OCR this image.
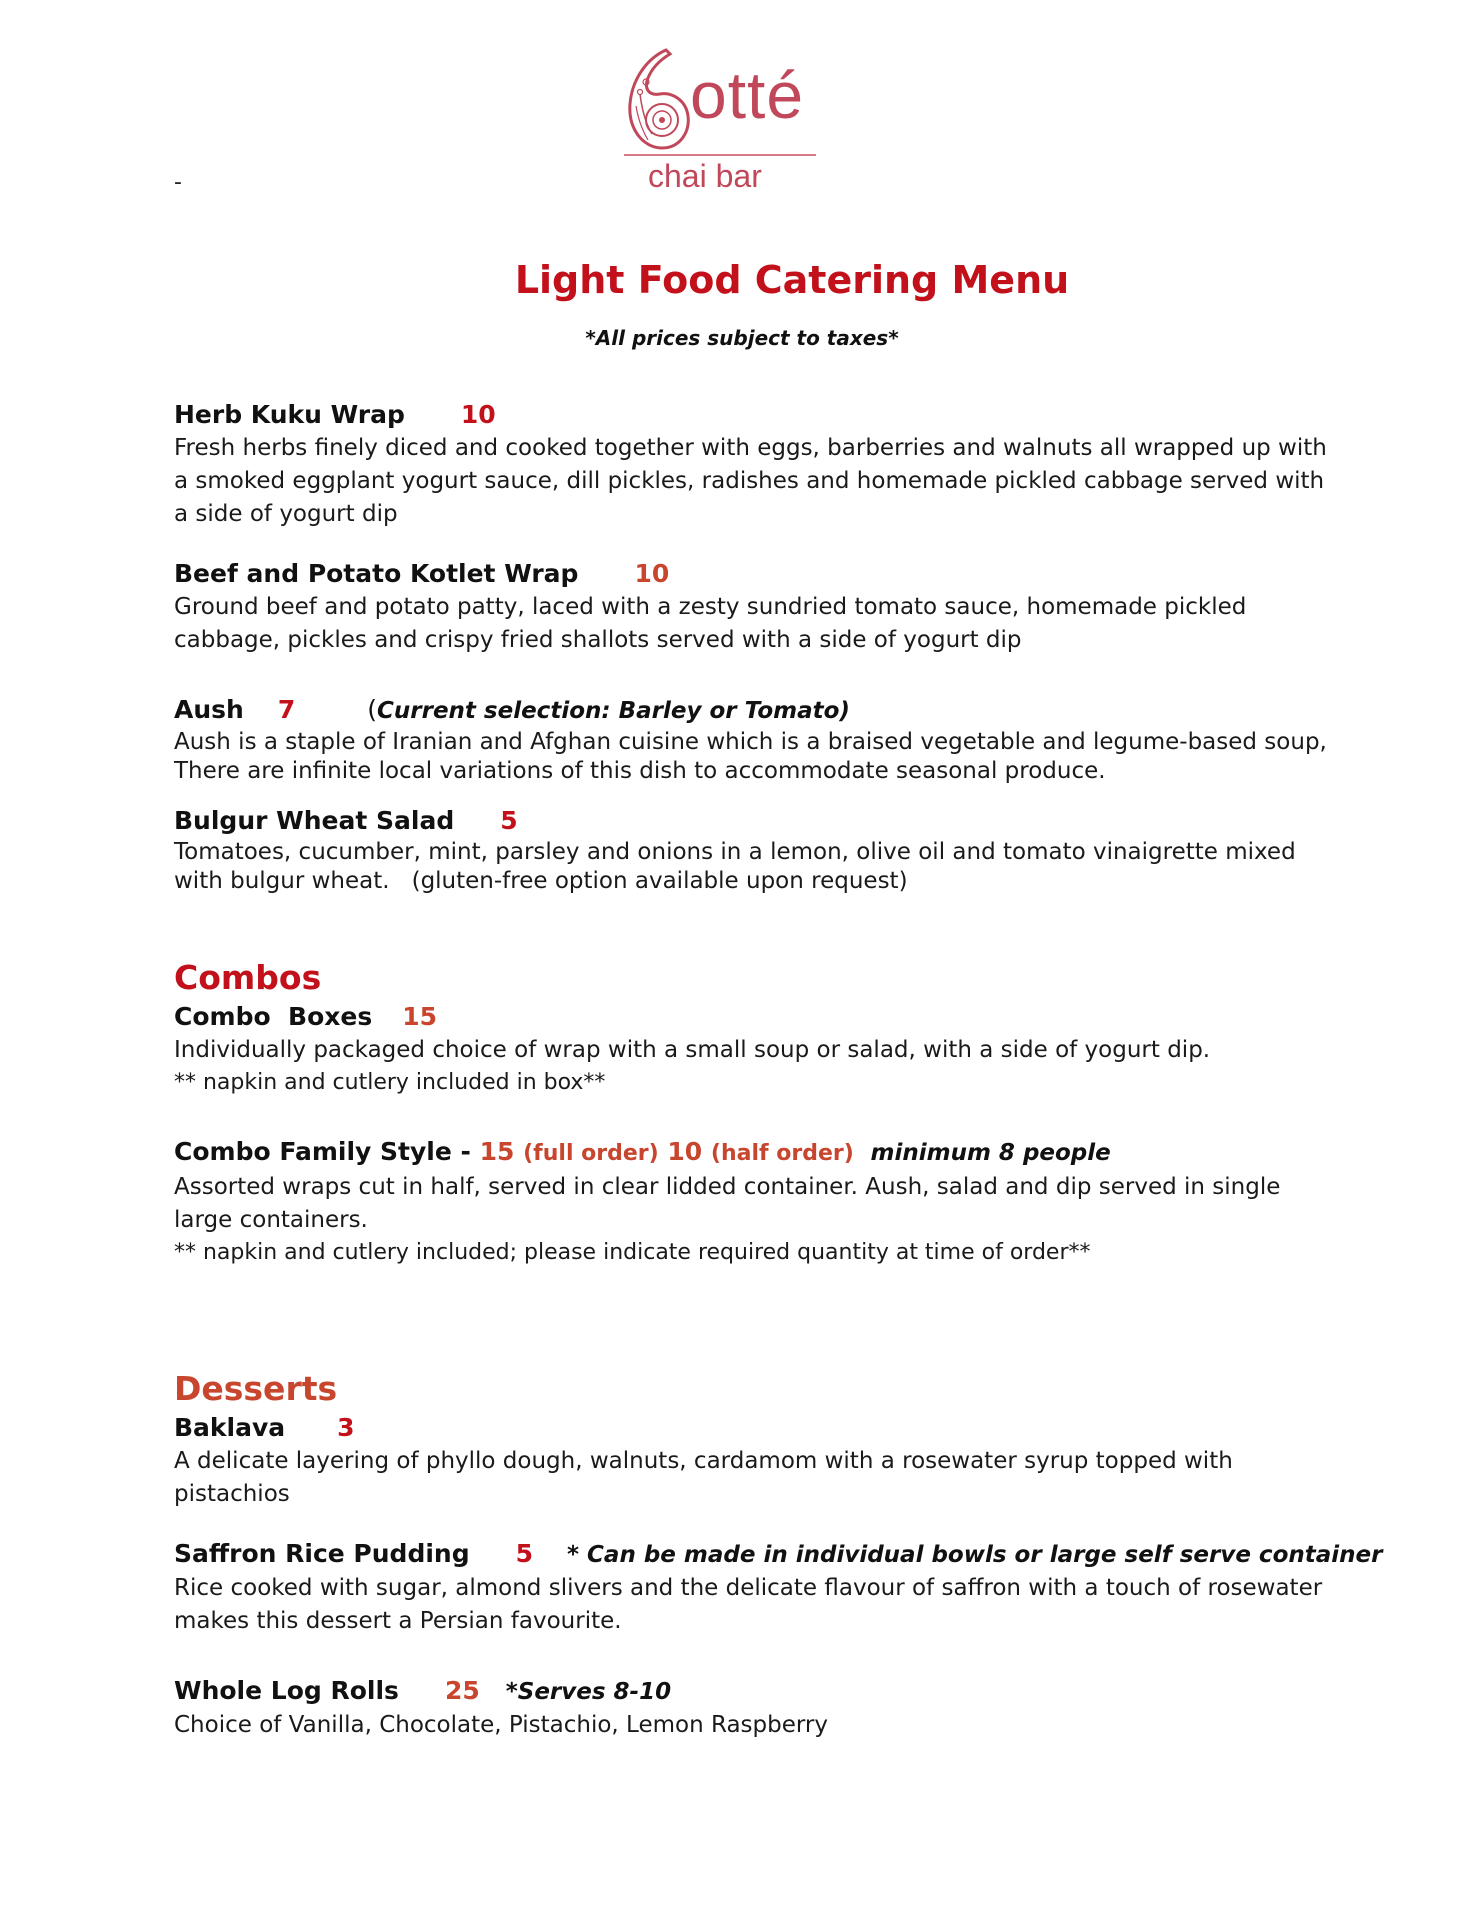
otté
chai bar
-
Light Food Catering Menu
*All prices subject to taxes*
Herb Kuku Wrap 10
Fresh herbs finely diced and cooked together with eggs, barberries and walnuts all wrapped up with a smoked eggplant yogurt sauce, dill pickles, radishes and homemade pickled cabbage served with a side of yogurt dip
Beef and Potato Kotlet Wrap 10
Ground beef and potato patty, laced with a zesty sundried tomato sauce, homemade pickled cabbage, pickles and crispy fried shallots served with a side of yogurt dip
Aush 7	(Current selection: Barley or Tomato)
Aush is a staple of Iranian and Afghan cuisine which is a braised vegetable and legume-based soup, There are infinite local variations of this dish to accommodate seasonal produce.
Bulgur Wheat Salad 5
Tomatoes, cucumber, mint, parsley and onions in a lemon, olive oil and tomato vinaigrette mixed with bulgur wheat. (gluten-free option available upon request)
Combos
Combo  Boxes 15
Individually packaged choice of wrap with a small soup or salad, with a side of yogurt dip.
** napkin and cutlery included in box**
Combo Family Style - 15 (full order) 10 (half order) minimum 8 people
Assorted wraps cut in half, served in clear lidded container. Aush, salad and dip served in single large containers.
** napkin and cutlery included; please indicate required quantity at time of order**
Desserts
Baklava 3
A delicate layering of phyllo dough, walnuts, cardamom with a rosewater syrup topped with pistachios
Saffron Rice Pudding 5 * Can be made in individual bowls or large self serve container
Rice cooked with sugar, almond slivers and the delicate flavour of saffron with a touch of rosewater makes this dessert a Persian favourite.
Whole Log Rolls 25 *Serves 8-10
Choice of Vanilla, Chocolate, Pistachio, Lemon Raspberry
